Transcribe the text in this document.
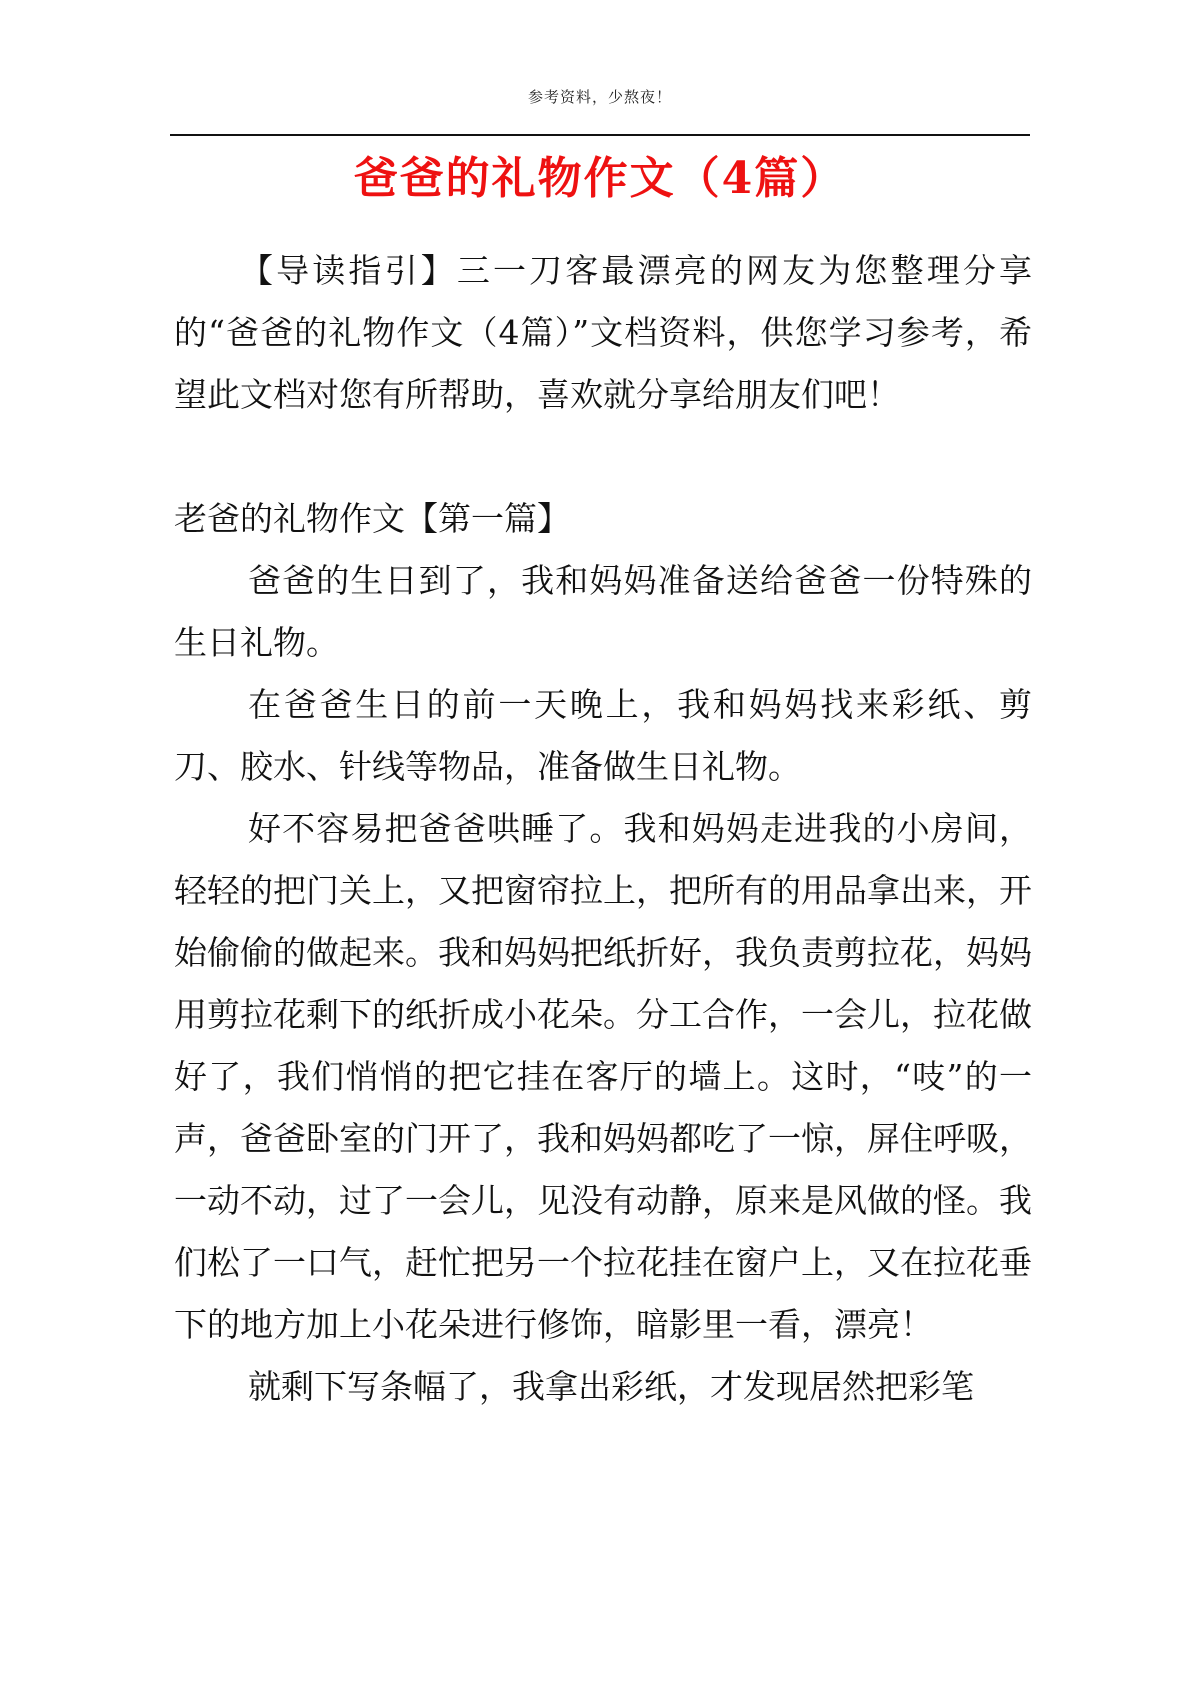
参考资料，少熬夜！
爸爸的礼物作文（4篇）

【导读指引】三一刀客最漂亮的网友为您整理分享的“爸爸的礼物作文（4篇）”文档资料，供您学习参考，希望此文档对您有所帮助，喜欢就分享给朋友们吧！

老爸的礼物作文【第一篇】

爸爸的生日到了，我和妈妈准备送给爸爸一份特殊的生日礼物。

在爸爸生日的前一天晚上，我和妈妈找来彩纸、剪刀、胶水、针线等物品，准备做生日礼物。

好不容易把爸爸哄睡了。我和妈妈走进我的小房间，轻轻的把门关上，又把窗帘拉上，把所有的用品拿出来，开始偷偷的做起来。我和妈妈把纸折好，我负责剪拉花，妈妈用剪拉花剩下的纸折成小花朵。分工合作，一会儿，拉花做好了，我们悄悄的把它挂在客厅的墙上。这时，“吱”的一声，爸爸卧室的门开了，我和妈妈都吃了一惊，屏住呼吸，一动不动，过了一会儿，见没有动静，原来是风做的怪。我们松了一口气，赶忙把另一个拉花挂在窗户上，又在拉花垂下的地方加上小花朵进行修饰，暗影里一看，漂亮！

就剩下写条幅了，我拿出彩纸，才发现居然把彩笔
